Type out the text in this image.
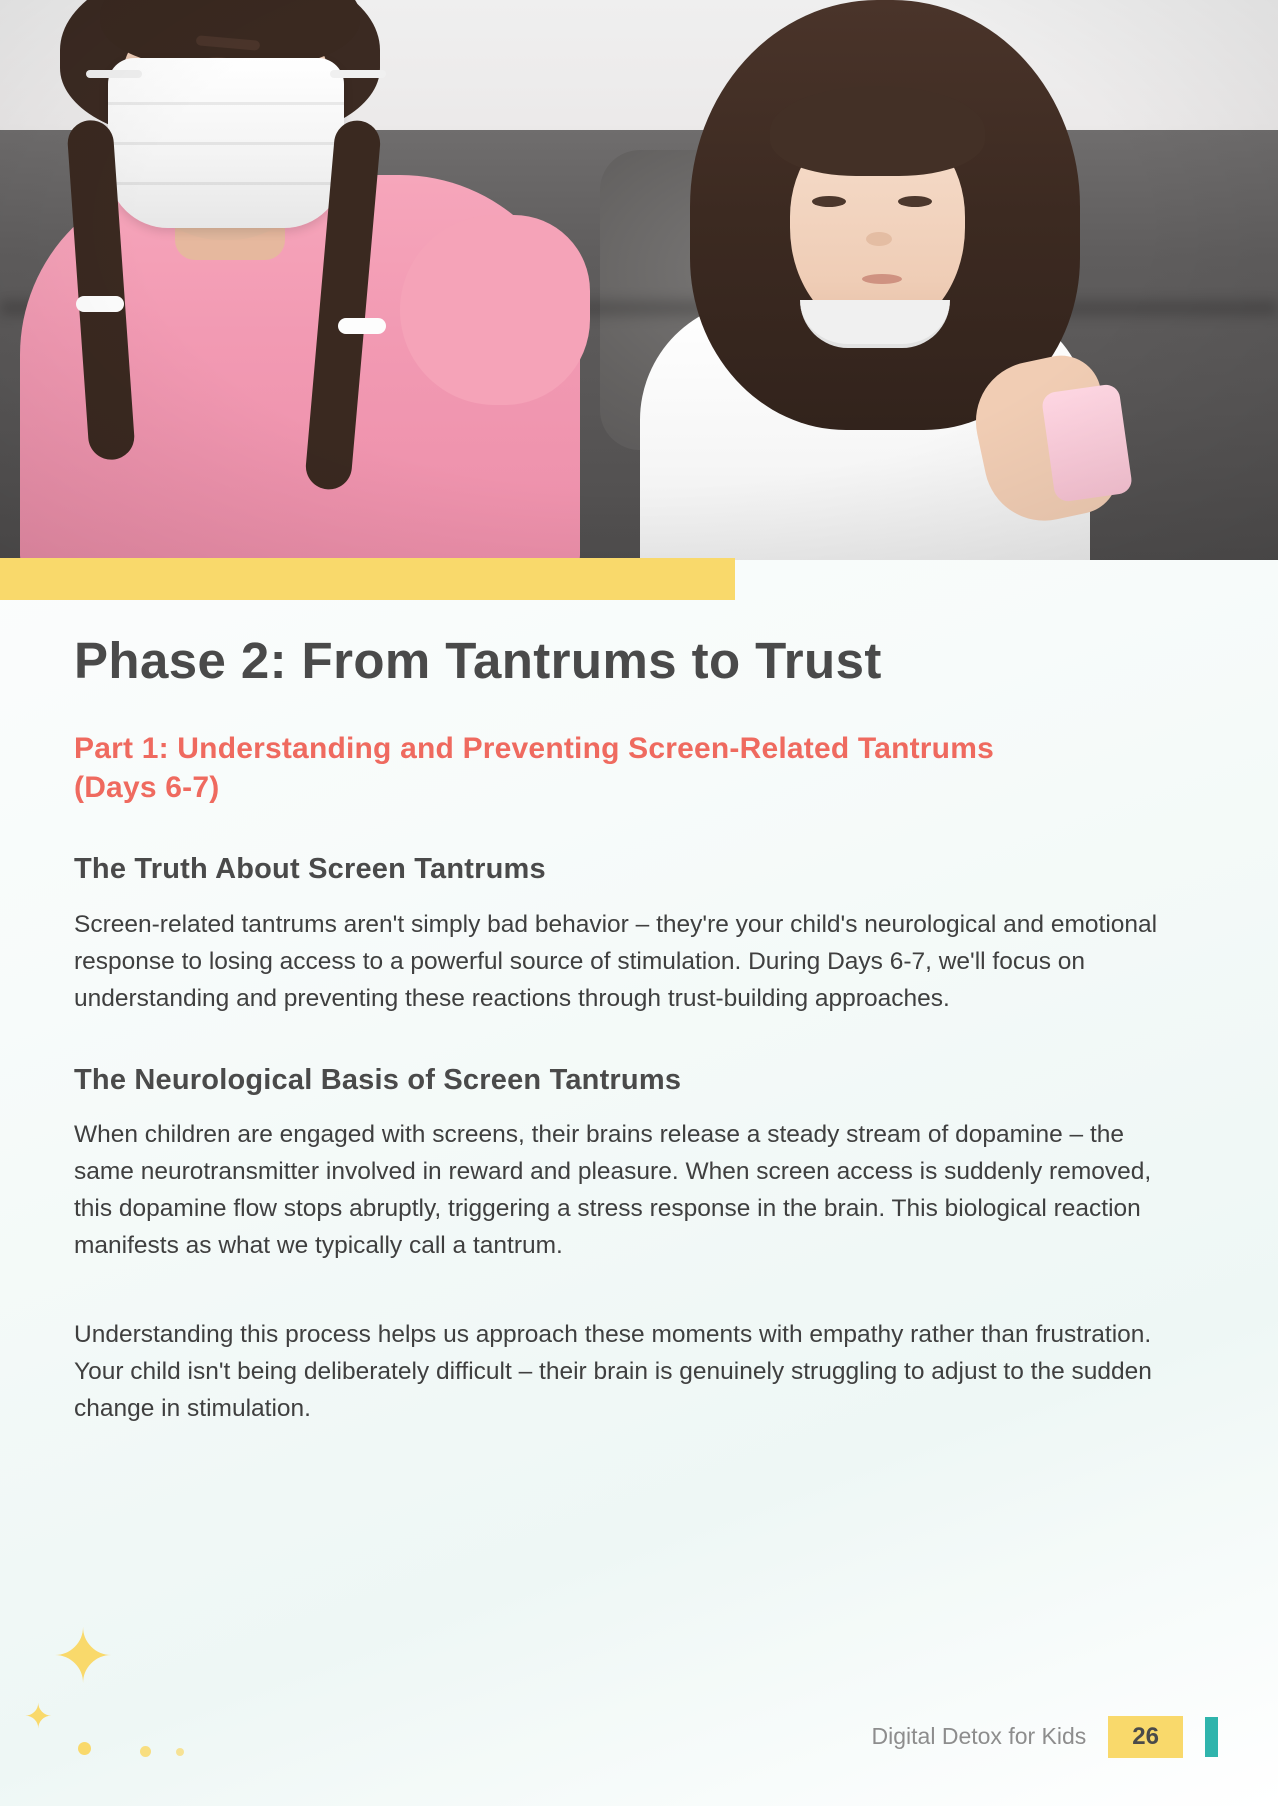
Phase 2: From Tantrums to Trust
Part 1: Understanding and Preventing Screen-Related Tantrums (Days 6-7)
The Truth About Screen Tantrums

Screen-related tantrums aren't simply bad behavior – they're your child's neurological and emotional response to losing access to a powerful source of stimulation. During Days 6-7, we'll focus on understanding and preventing these reactions through trust-building approaches.

The Neurological Basis of Screen Tantrums

When children are engaged with screens, their brains release a steady stream of dopamine – the same neurotransmitter involved in reward and pleasure. When screen access is suddenly removed, this dopamine flow stops abruptly, triggering a stress response in the brain. This biological reaction manifests as what we typically call a tantrum.

Understanding this process helps us approach these moments with empathy rather than frustration. Your child isn't being deliberately difficult – their brain is genuinely struggling to adjust to the sudden change in stimulation.

✦
✦
Digital Detox for Kids	26
